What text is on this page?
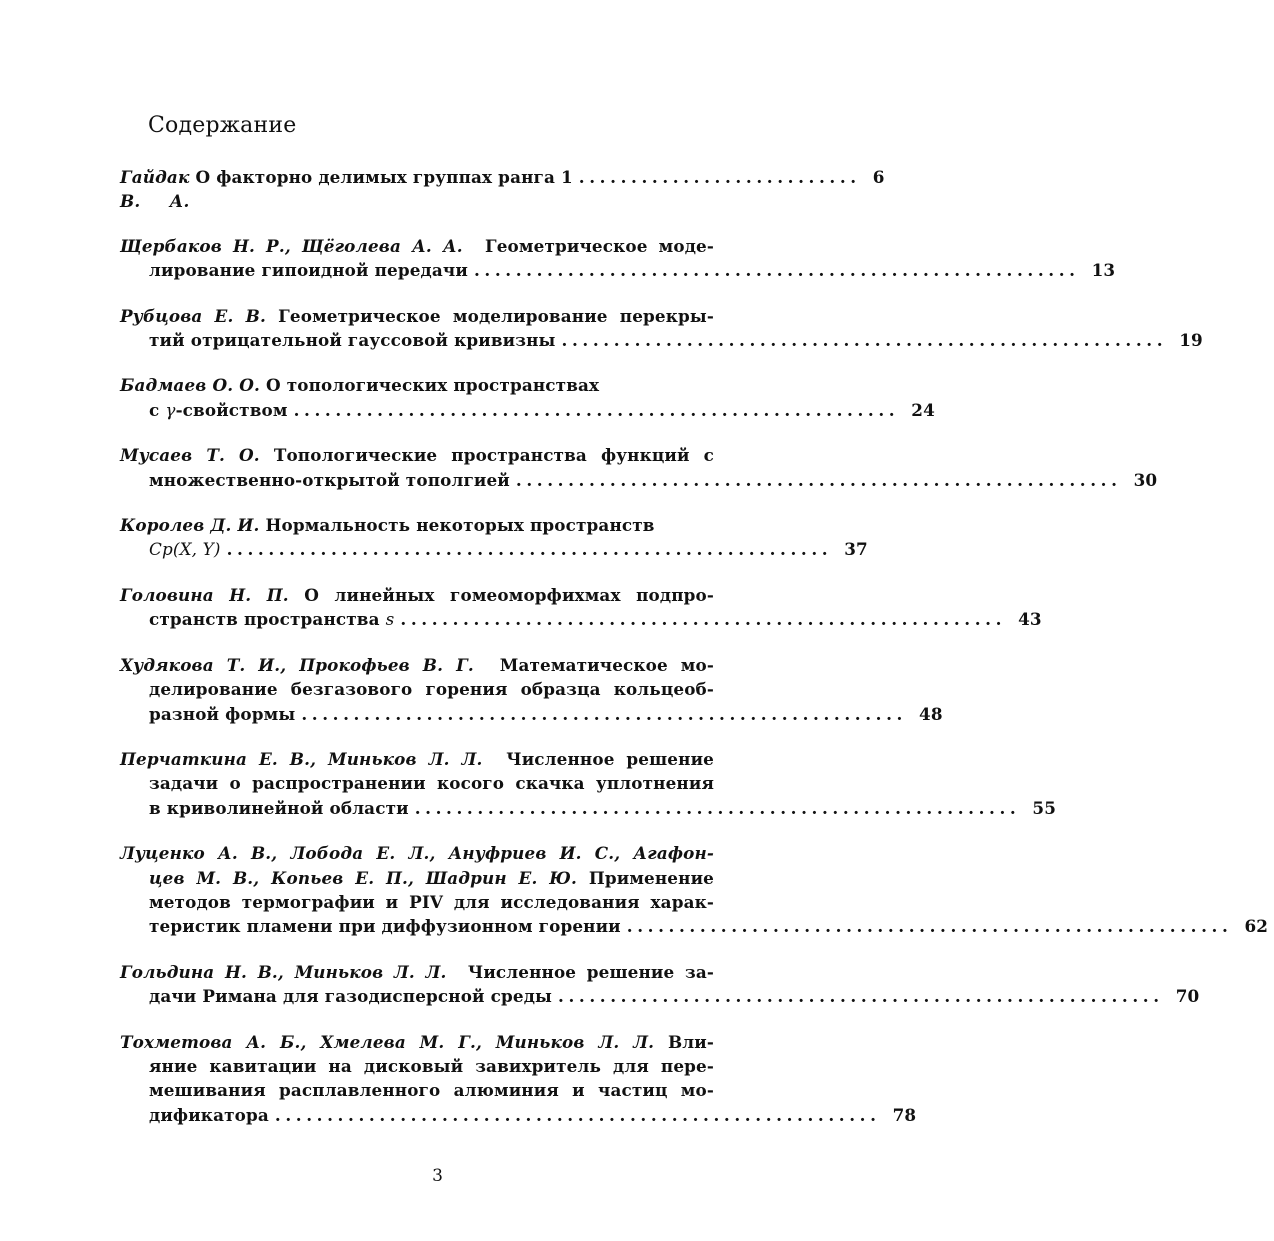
Содержание
Гайдак В. А.

О факторно делимых группах ранга 1 ........................... 6
Щербаков Н. Р., Щёголева А. А. Геометрическое моде-
лирование гипоидной передачи .......................................................... 13
Рубцова Е. В. Геометрическое моделирование перекры-
тий отрицательной гауссовой кривизны .......................................................... 19
Бадмаев О. О. О топологических пространствах
с γ-свойством .......................................................... 24
Мусаев Т. О. Топологические пространства функций с
множественно-открытой тополгией .......................................................... 30
Королев Д. И. Нормальность некоторых пространств
Cp(X, Y) .......................................................... 37
Головина Н. П. О линейных гомеоморфихмах подпро-
странств пространства s .......................................................... 43
Худякова Т. И., Прокофьев В. Г. Математическое мо-
делирование безгазового горения образца кольцеоб-
разной формы .......................................................... 48
Перчаткина Е. В., Миньков Л. Л. Численное решение
задачи о распространении косого скачка уплотнения
в криволинейной области .......................................................... 55
Луценко А. В., Лобода Е. Л., Ануфриев И. С., Агафон-
цев М. В., Копьев Е. П., Шадрин Е. Ю. Применение
методов термографии и PIV для исследования харак-
теристик пламени при диффузионном горении .......................................................... 62
Гольдина Н. В., Миньков Л. Л. Численное решение за-
дачи Римана для газодисперсной среды .......................................................... 70
Тохметова А. Б., Хмелева М. Г., Миньков Л. Л. Вли-
яние кавитации на дисковый завихритель для пере-
мешивания расплавленного алюминия и частиц мо-
дификатора .......................................................... 78
3
